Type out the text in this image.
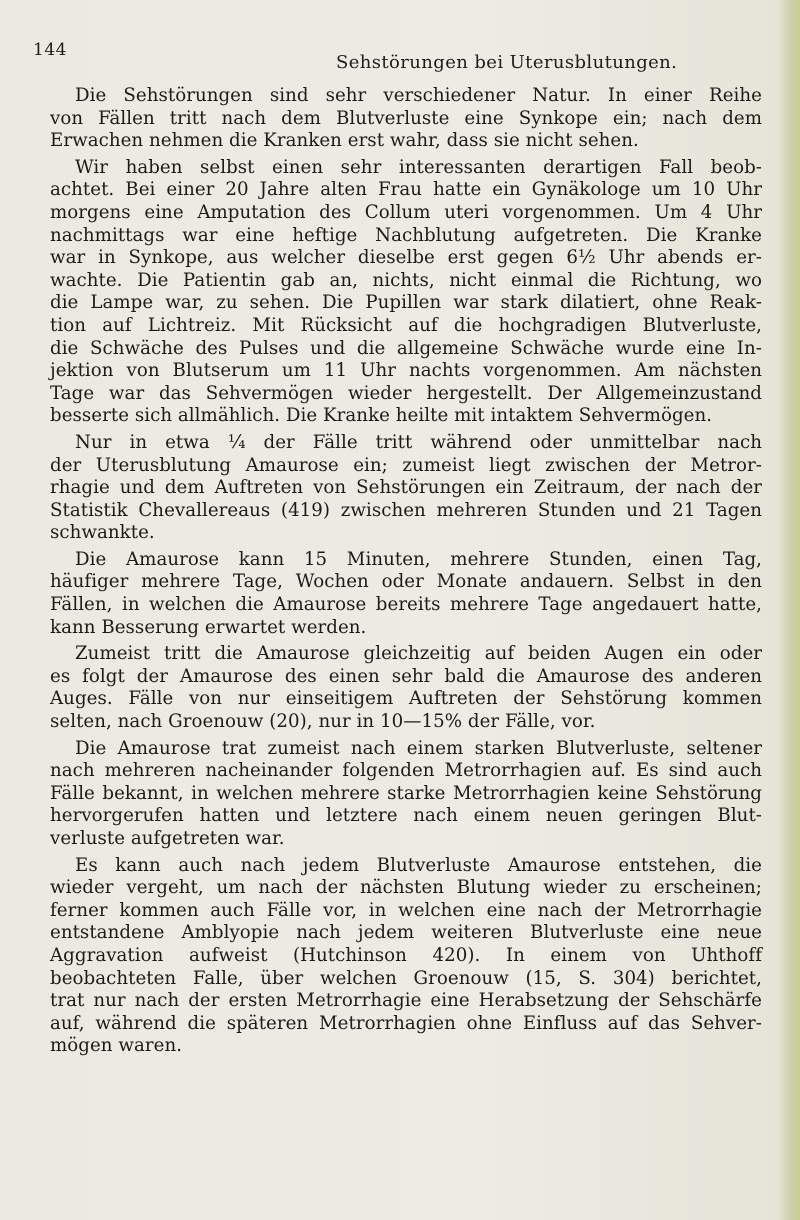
144
Sehstörungen bei Uterusblutungen.
Die Sehstörungen sind sehr verschiedener Natur. In einer Reihe
von Fällen tritt nach dem Blutverluste eine Synkope ein; nach dem
Erwachen nehmen die Kranken erst wahr, dass sie nicht sehen.
Wir haben selbst einen sehr interessanten derartigen Fall beob-
achtet. Bei einer 20 Jahre alten Frau hatte ein Gynäkologe um 10 Uhr
morgens eine Amputation des Collum uteri vorgenommen. Um 4 Uhr
nachmittags war eine heftige Nachblutung aufgetreten. Die Kranke
war in Synkope, aus welcher dieselbe erst gegen 6½ Uhr abends er-
wachte. Die Patientin gab an, nichts, nicht einmal die Richtung, wo
die Lampe war, zu sehen. Die Pupillen war stark dilatiert, ohne Reak-
tion auf Lichtreiz. Mit Rücksicht auf die hochgradigen Blutverluste,
die Schwäche des Pulses und die allgemeine Schwäche wurde eine In-
jektion von Blutserum um 11 Uhr nachts vorgenommen. Am nächsten
Tage war das Sehvermögen wieder hergestellt. Der Allgemeinzustand
besserte sich allmählich. Die Kranke heilte mit intaktem Sehvermögen.
Nur in etwa ¼ der Fälle tritt während oder unmittelbar nach
der Uterusblutung Amaurose ein; zumeist liegt zwischen der Metror-
rhagie und dem Auftreten von Sehstörungen ein Zeitraum, der nach der
Statistik Chevallereaus (419) zwischen mehreren Stunden und 21 Tagen
schwankte.
Die Amaurose kann 15 Minuten, mehrere Stunden, einen Tag,
häufiger mehrere Tage, Wochen oder Monate andauern. Selbst in den
Fällen, in welchen die Amaurose bereits mehrere Tage angedauert hatte,
kann Besserung erwartet werden.
Zumeist tritt die Amaurose gleichzeitig auf beiden Augen ein oder
es folgt der Amaurose des einen sehr bald die Amaurose des anderen
Auges. Fälle von nur einseitigem Auftreten der Sehstörung kommen
selten, nach Groenouw (20), nur in 10—15% der Fälle, vor.
Die Amaurose trat zumeist nach einem starken Blutverluste, seltener
nach mehreren nacheinander folgenden Metrorrhagien auf. Es sind auch
Fälle bekannt, in welchen mehrere starke Metrorrhagien keine Sehstörung
hervorgerufen hatten und letztere nach einem neuen geringen Blut-
verluste aufgetreten war.
Es kann auch nach jedem Blutverluste Amaurose entstehen, die
wieder vergeht, um nach der nächsten Blutung wieder zu erscheinen;
ferner kommen auch Fälle vor, in welchen eine nach der Metrorrhagie
entstandene Amblyopie nach jedem weiteren Blutverluste eine neue
Aggravation aufweist (Hutchinson 420). In einem von Uhthoff
beobachteten Falle, über welchen Groenouw (15, S. 304) berichtet,
trat nur nach der ersten Metrorrhagie eine Herabsetzung der Sehschärfe
auf, während die späteren Metrorrhagien ohne Einfluss auf das Sehver-
mögen waren.
